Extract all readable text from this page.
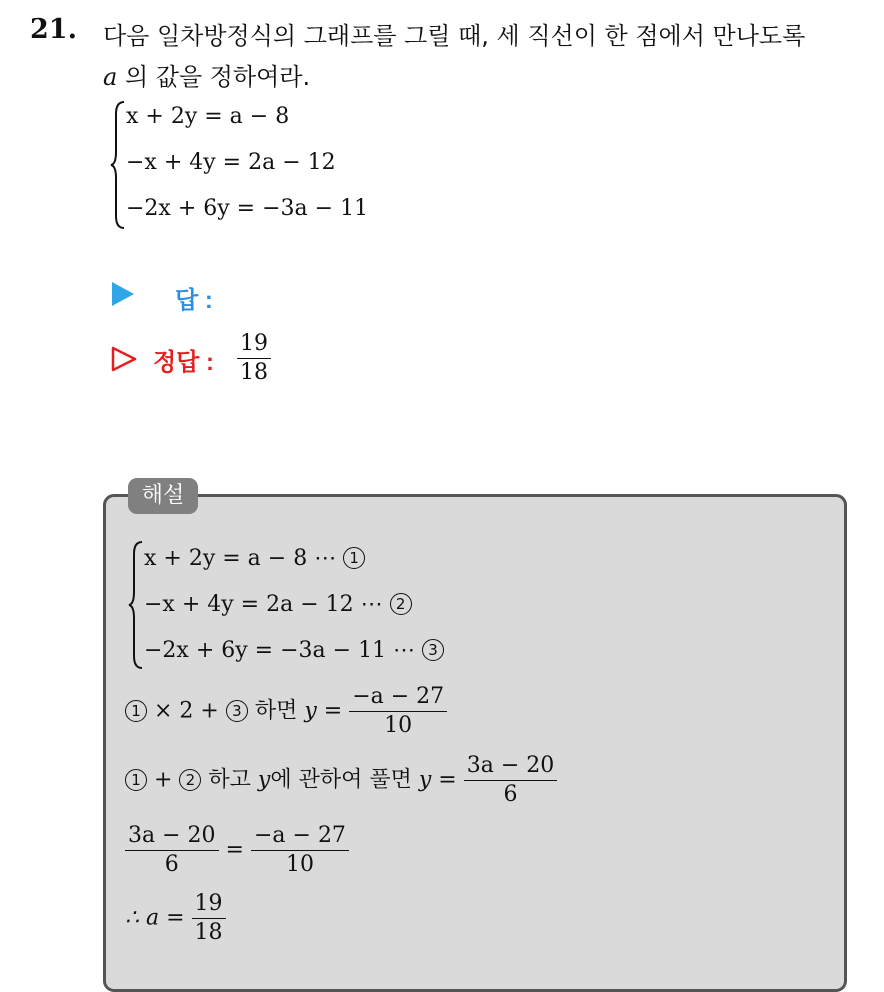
21. 다음 일차방정식의 그래프를 그릴 때, 세 직선이 한 점에서 만나도록
a 의 값을 정하여라.
x + 2y = a − 8
−x + 4y = 2a − 12
−2x + 6y = −3a − 11
답 :
정답 : $\frac{19}{18}$
해설
x + 2y = a − 8 ⋯ 1
−x + 4y = 2a − 12 ⋯ 2
−2x + 6y = −3a − 11 ⋯ 3
1 × 2 + 3 하면 $y = \frac{-a - 27}{10}$
1 + 2 하고 y에 관하여 풀면 $y = \frac{3a - 20}{6}$
$\frac{3a - 20}{6} = \frac{-a - 27}{10}$
∴ $a = \frac{19}{18}$
